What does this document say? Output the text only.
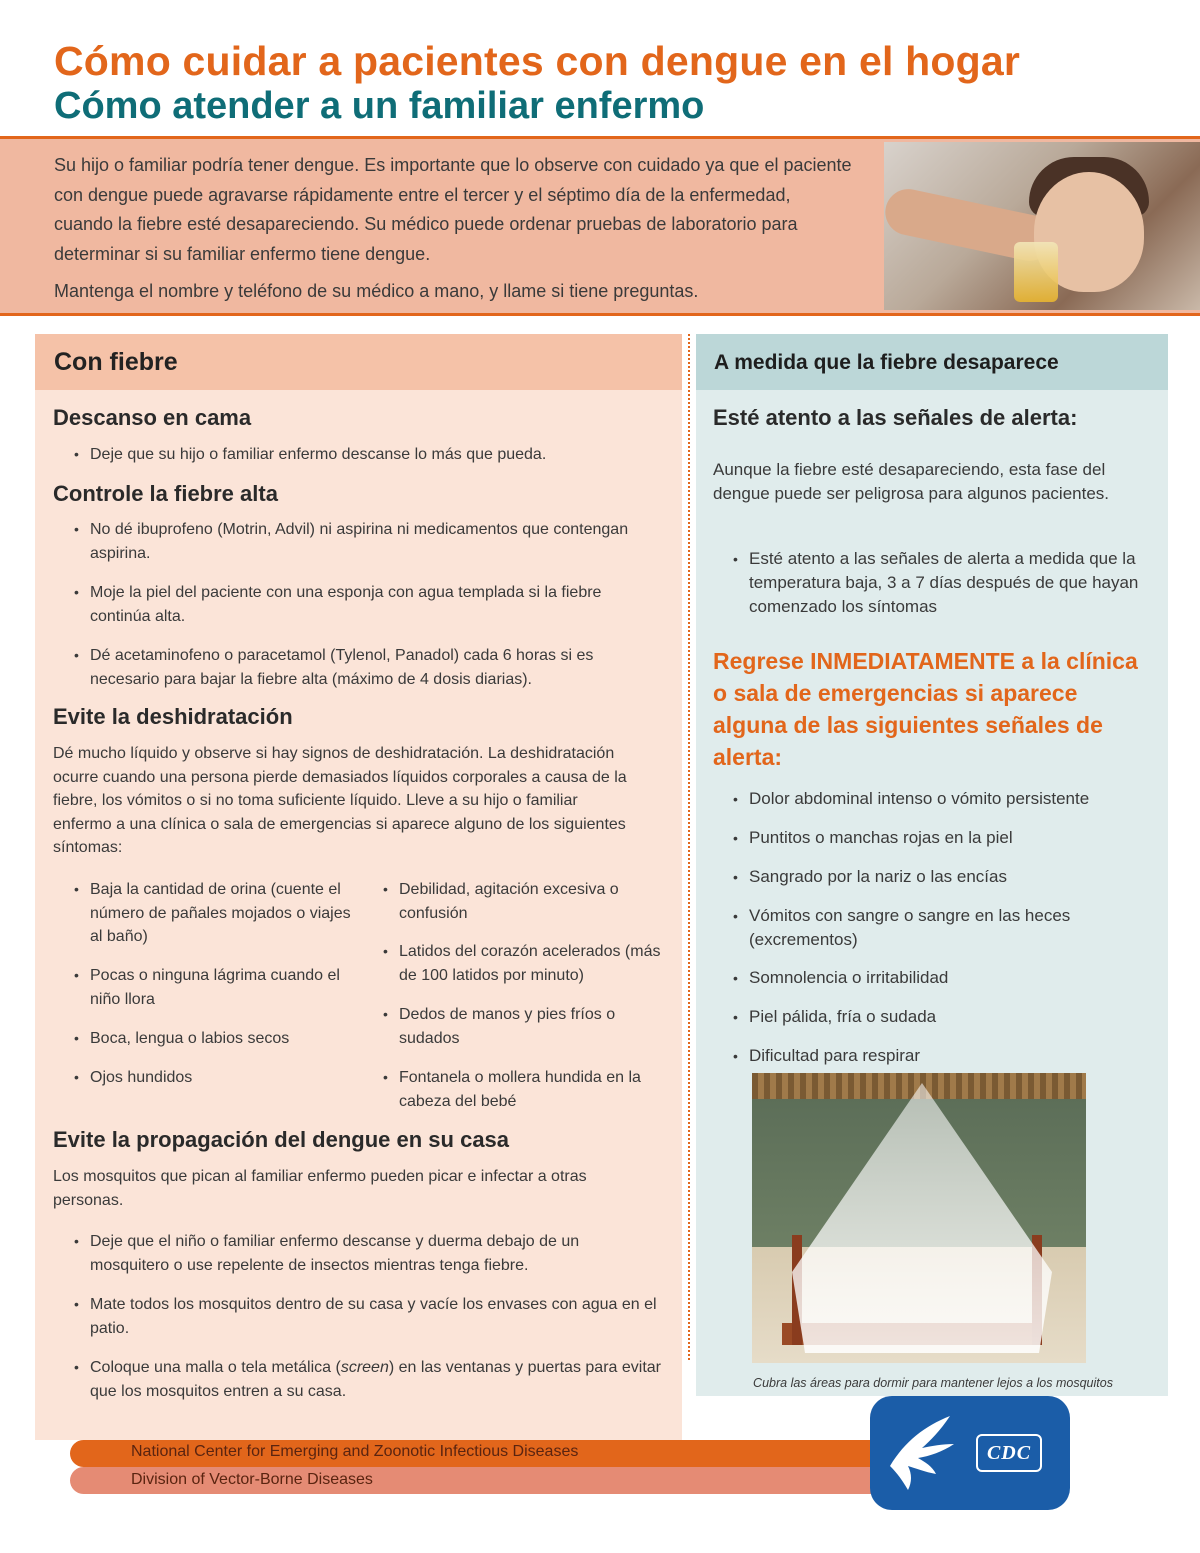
Cómo cuidar a pacientes con dengue en el hogar
Cómo atender a un familiar enfermo

Su hijo o familiar podría tener dengue. Es importante que lo observe con cuidado ya que el paciente con dengue puede agravarse rápidamente entre el tercer y el séptimo día de la enfermedad, cuando la fiebre esté desapareciendo. Su médico puede ordenar pruebas de laboratorio para determinar si su familiar enfermo tiene dengue.

Mantenga el nombre y teléfono de su médico a mano, y llame si tiene preguntas.

Con fiebre
Descanso en cama
• Deje que su hijo o familiar enfermo descanse lo más que pueda.
Controle la fiebre alta
• No dé ibuprofeno (Motrin, Advil) ni aspirina ni medicamentos que contengan aspirina.
• Moje la piel del paciente con una esponja con agua templada si la fiebre continúa alta.
• Dé acetaminofeno o paracetamol (Tylenol, Panadol) cada 6 horas si es necesario para bajar la fiebre alta (máximo de 4 dosis diarias).
Evite la deshidratación

Dé mucho líquido y observe si hay signos de deshidratación. La deshidratación ocurre cuando una persona pierde demasiados líquidos corporales a causa de la fiebre, los vómitos o si no toma suficiente líquido. Lleve a su hijo o familiar enfermo a una clínica o sala de emergencias si aparece alguno de los siguientes síntomas:

• Baja la cantidad de orina (cuente el número de pañales mojados o viajes al baño)
• Pocas o ninguna lágrima cuando el niño llora
• Boca, lengua o labios secos
• Ojos hundidos
• Debilidad, agitación excesiva o confusión
• Latidos del corazón acelerados (más de 100 latidos por minuto)
• Dedos de manos y pies fríos o sudados
• Fontanela o mollera hundida en la cabeza del bebé
Evite la propagación del dengue en su casa

Los mosquitos que pican al familiar enfermo pueden picar e infectar a otras personas.

• Deje que el niño o familiar enfermo descanse y duerma debajo de un mosquitero o use repelente de insectos mientras tenga fiebre.
• Mate todos los mosquitos dentro de su casa y vacíe los envases con agua en el patio.
• Coloque una malla o tela metálica (screen) en las ventanas y puertas para evitar que los mosquitos entren a su casa.
A medida que la fiebre desaparece
Esté atento a las señales de alerta:

Aunque la fiebre esté desapareciendo, esta fase del dengue puede ser peligrosa para algunos pacientes.

• Esté atento a las señales de alerta a medida que la temperatura baja, 3 a 7 días después de que hayan comenzado los síntomas
Regrese INMEDIATAMENTE a la clínica o sala de emergencias si aparece alguna de las siguientes señales de alerta:
• Dolor abdominal intenso o vómito persistente
• Puntitos o manchas rojas en la piel
• Sangrado por la nariz o las encías
• Vómitos con sangre o sangre en las heces (excrementos)
• Somnolencia o irritabilidad
• Piel pálida, fría o sudada
• Dificultad para respirar
Cubra las áreas para dormir para mantener lejos a los mosquitos
National Center for Emerging and Zoonotic Infectious Diseases
Division of Vector-Borne Diseases
CDC
